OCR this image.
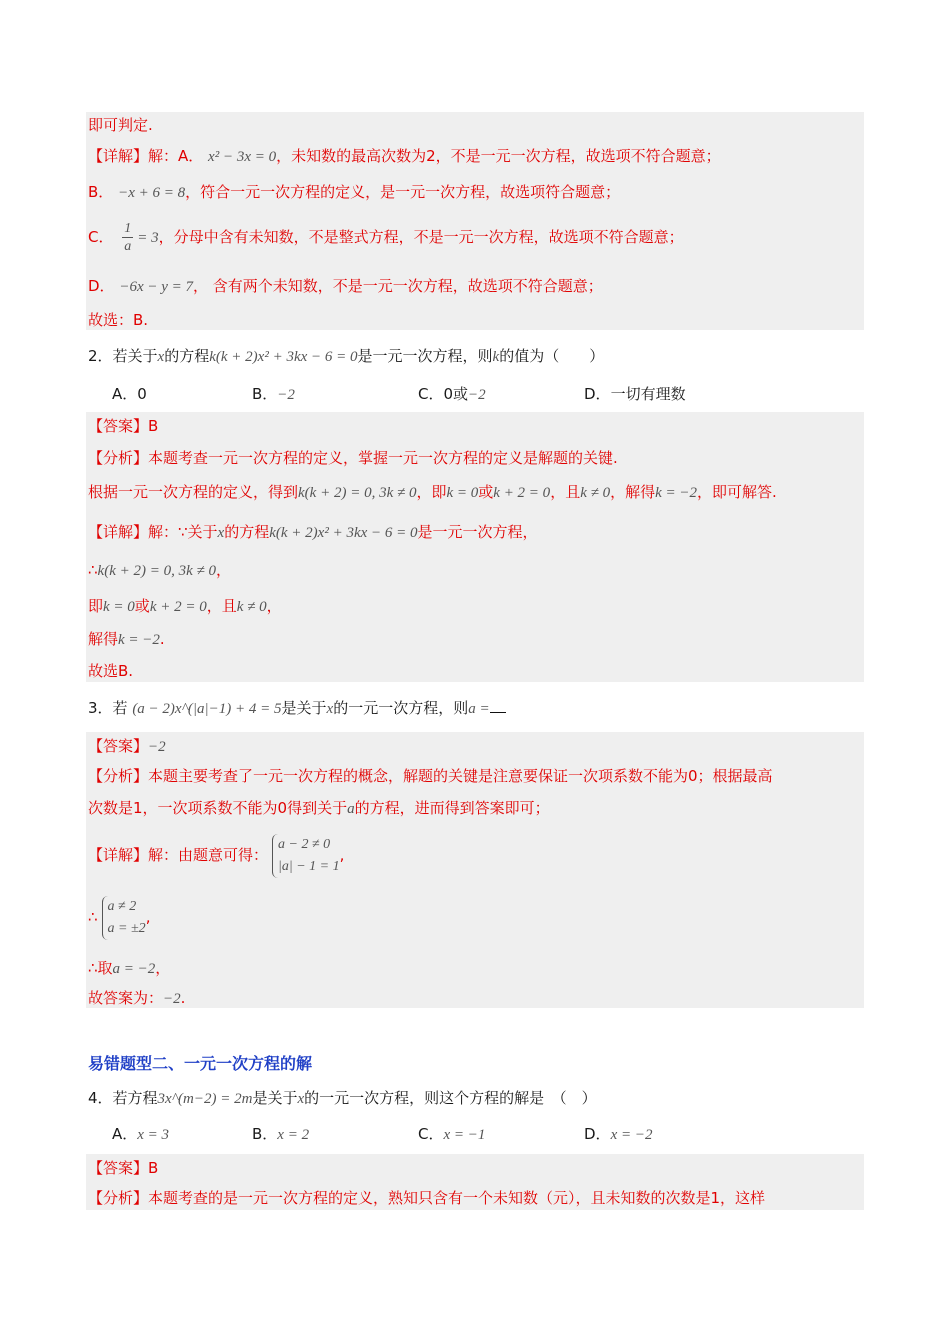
即可判定.
【详解】解：A． x² − 3x = 0，未知数的最高次数为2，不是一元一次方程，故选项不符合题意；
B． −x + 6 = 8，符合一元一次方程的定义，是一元一次方程，故选项符合题意；
C． $\frac{1}{a} = 3$，分母中含有未知数，不是整式方程，不是一元一次方程，故选项不符合题意；
D． −6x − y = 7， 含有两个未知数，不是一元一次方程，故选项不符合题意；
故选：B.
2．若关于x的方程k(k + 2)x² + 3kx − 6 = 0是一元一次方程，则k的值为（　　）
A．0	B．−2	C．0或−2	D．一切有理数
【答案】B
【分析】本题考查一元一次方程的定义，掌握一元一次方程的定义是解题的关键.
根据一元一次方程的定义，得到k(k + 2) = 0, 3k ≠ 0，即k = 0或k + 2 = 0，且k ≠ 0，解得k = −2，即可解答.
【详解】解：∵关于x的方程k(k + 2)x² + 3kx − 6 = 0是一元一次方程，
∴k(k + 2) = 0, 3k ≠ 0，
即k = 0或k + 2 = 0，且k ≠ 0，
解得k = −2.
故选B.
3．若 (a − 2)x^(|a|−1) + 4 = 5是关于x的一元一次方程，则a =
【答案】−2
【分析】本题主要考查了一元一次方程的概念，解题的关键是注意要保证一次项系数不能为0；根据最高
次数是1，一次项系数不能为0得到关于a的方程，进而得到答案即可；
【详解】解：由题意可得：
a − 2 ≠ 0
|a| − 1 = 1
,
∴
a ≠ 2
a = ±2
,
∴取a = −2，
故答案为：−2.
易错题型二、一元一次方程的解
4．若方程3x^(m−2) = 2m是关于x的一元一次方程，则这个方程的解是　（　）
A．x = 3	B．x = 2	C．x = −1	D．x = −2
【答案】B
【分析】本题考查的是一元一次方程的定义，熟知只含有一个未知数（元），且未知数的次数是1，这样
